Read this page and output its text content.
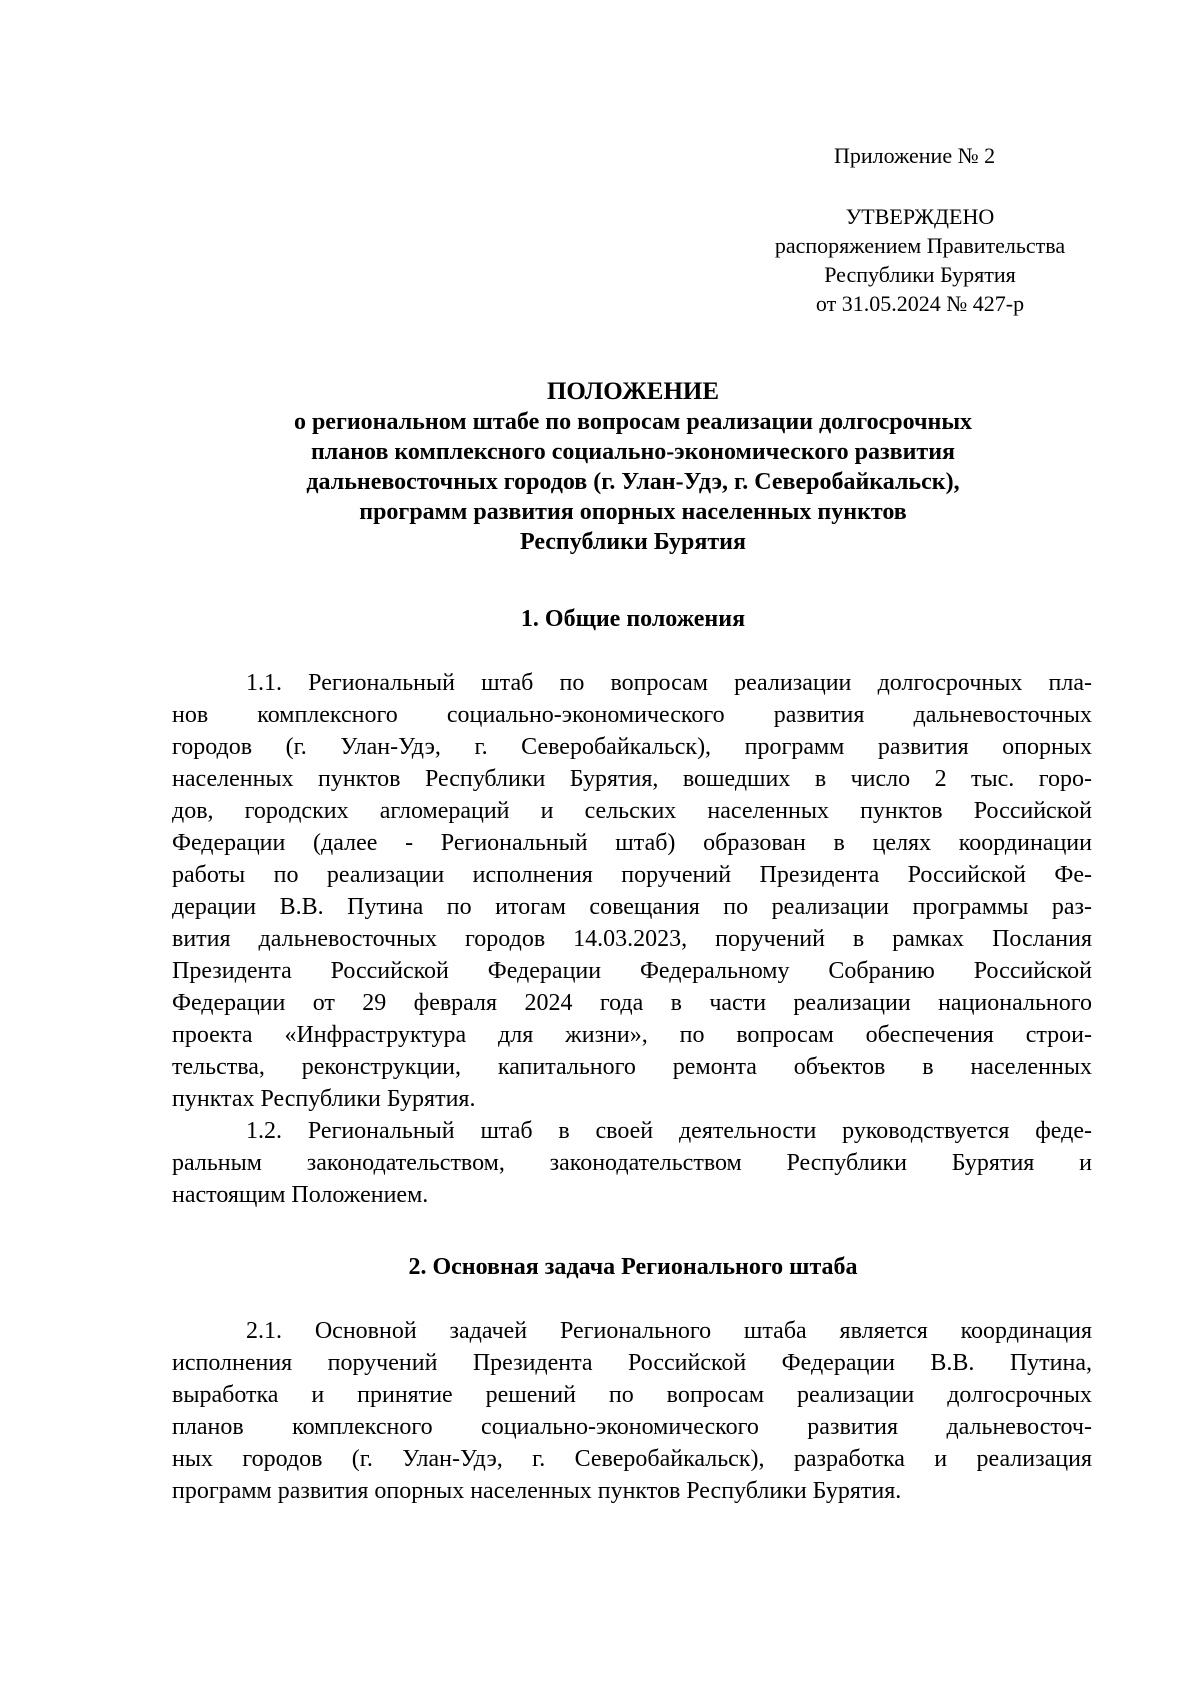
Приложение № 2
УТВЕРЖДЕНО
распоряжением Правительства
Республики Бурятия
от 31.05.2024 № 427-р
ПОЛОЖЕНИЕ
о региональном штабе по вопросам реализации долгосрочных
планов комплексного социально-экономического развития
дальневосточных городов (г. Улан-Удэ, г. Северобайкальск),
программ развития опорных населенных пунктов
Республики Бурятия
1. Общие положения
1.1. Региональный штаб по вопросам реализации долгосрочных пла-
нов комплексного социально-экономического развития дальневосточных
городов (г. Улан-Удэ, г. Северобайкальск), программ развития опорных
населенных пунктов Республики Бурятия, вошедших в число 2 тыс. горо-
дов, городских агломераций и сельских населенных пунктов Российской
Федерации (далее - Региональный штаб) образован в целях координации
работы по реализации исполнения поручений Президента Российской Фе-
дерации В.В. Путина по итогам совещания по реализации программы раз-
вития дальневосточных городов 14.03.2023, поручений в рамках Послания
Президента Российской Федерации Федеральному Собранию Российской
Федерации от 29 февраля 2024 года в части реализации национального
проекта «Инфраструктура для жизни», по вопросам обеспечения строи-
тельства, реконструкции, капитального ремонта объектов в населенных
пунктах Республики Бурятия.
1.2. Региональный штаб в своей деятельности руководствуется феде-
ральным законодательством, законодательством Республики Бурятия и
настоящим Положением.
2. Основная задача Регионального штаба
2.1. Основной задачей Регионального штаба является координация
исполнения поручений Президента Российской Федерации В.В. Путина,
выработка и принятие решений по вопросам реализации долгосрочных
планов комплексного социально-экономического развития дальневосточ-
ных городов (г. Улан-Удэ, г. Северобайкальск), разработка и реализация
программ развития опорных населенных пунктов Республики Бурятия.
